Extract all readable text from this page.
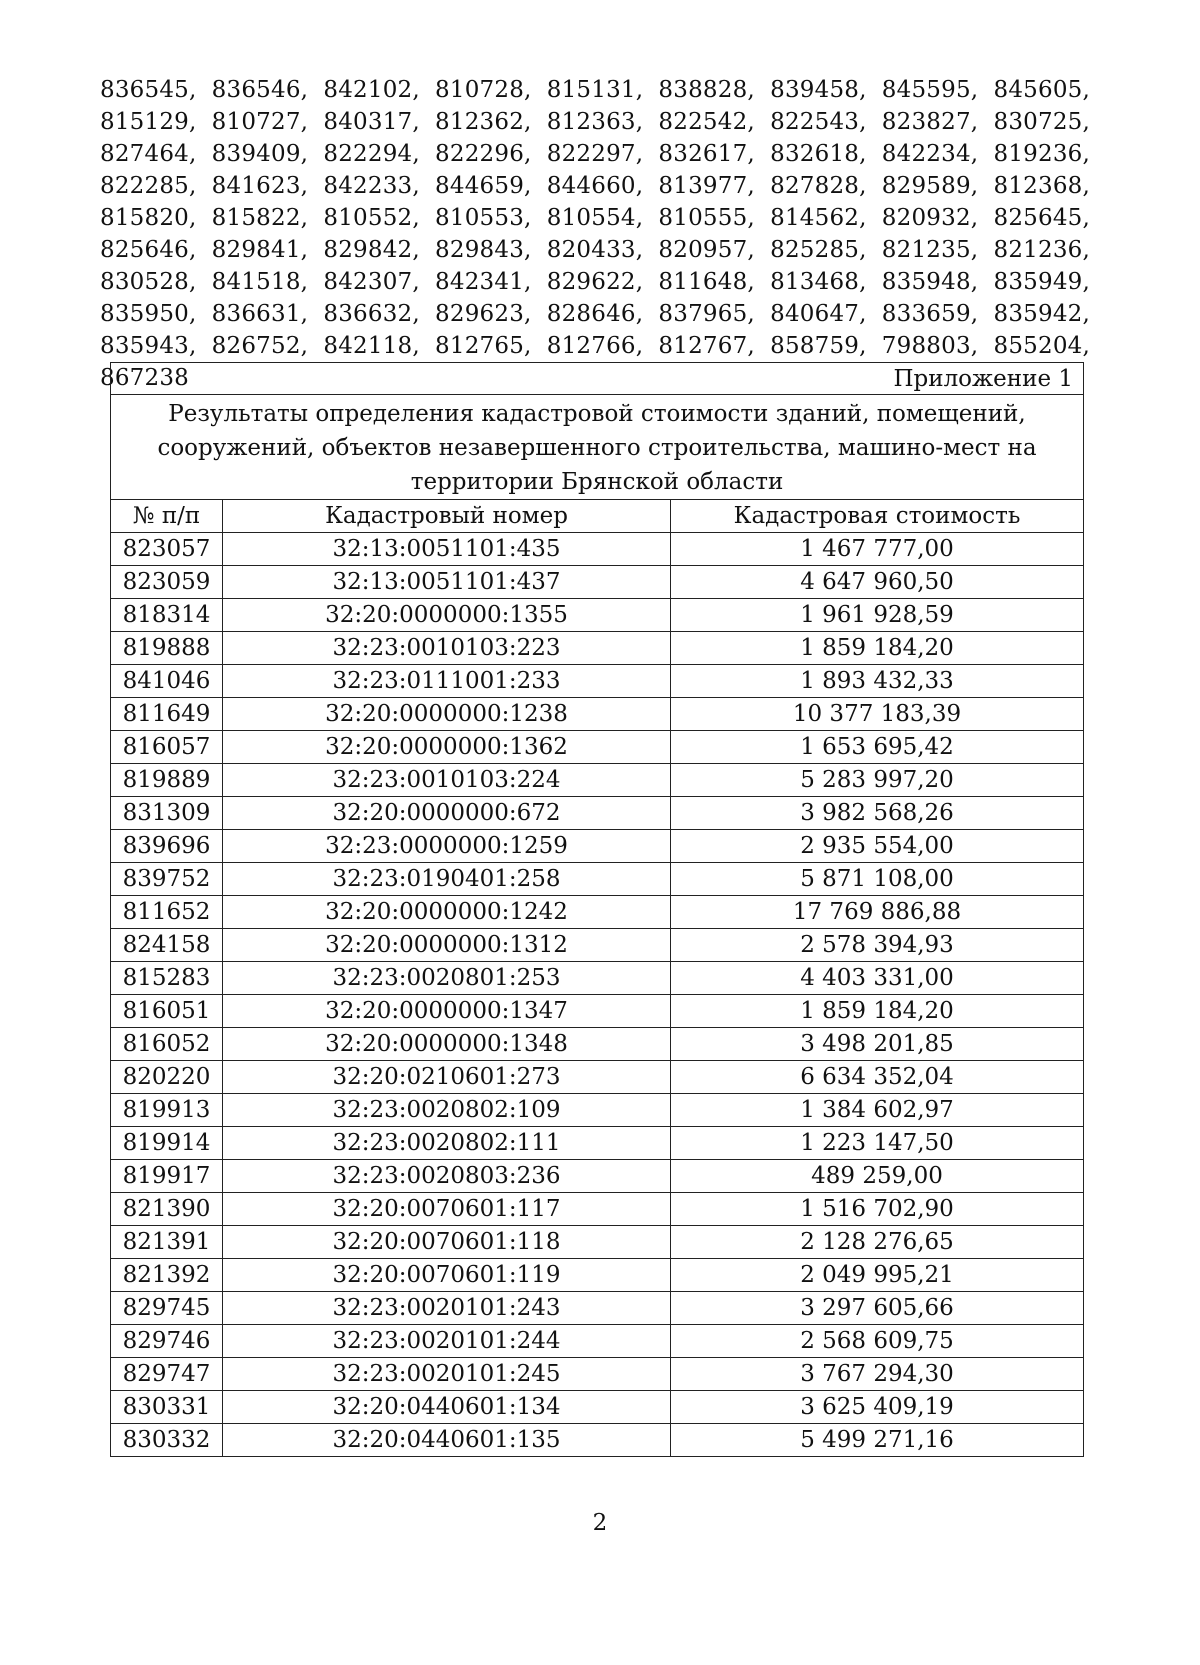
836545, 836546, 842102, 810728, 815131, 838828, 839458, 845595, 845605, 815129, 810727, 840317, 812362, 812363, 822542, 822543, 823827, 830725, 827464, 839409, 822294, 822296, 822297, 832617, 832618, 842234, 819236, 822285, 841623, 842233, 844659, 844660, 813977, 827828, 829589, 812368, 815820, 815822, 810552, 810553, 810554, 810555, 814562, 820932, 825645, 825646, 829841, 829842, 829843, 820433, 820957, 825285, 821235, 821236, 830528, 841518, 842307, 842341, 829622, 811648, 813468, 835948, 835949, 835950, 836631, 836632, 829623, 828646, 837965, 840647, 833659, 835942, 835943, 826752, 842118, 812765, 812766, 812767, 858759, 798803, 855204, 867238	Приложение 1		
Результаты определения кадастровой стоимости зданий, помещений, сооружений, объектов незавершенного строительства, машино-мест на территории Брянской области		
№ п/п	Кадастровый номер	Кадастровая стоимость
823057	32:13:0051101:435	1 467 777,00
823059	32:13:0051101:437	4 647 960,50
818314	32:20:0000000:1355	1 961 928,59
819888	32:23:0010103:223	1 859 184,20
841046	32:23:0111001:233	1 893 432,33
811649	32:20:0000000:1238	10 377 183,39
816057	32:20:0000000:1362	1 653 695,42
819889	32:23:0010103:224	5 283 997,20
831309	32:20:0000000:672	3 982 568,26
839696	32:23:0000000:1259	2 935 554,00
839752	32:23:0190401:258	5 871 108,00
811652	32:20:0000000:1242	17 769 886,88
824158	32:20:0000000:1312	2 578 394,93
815283	32:23:0020801:253	4 403 331,00
816051	32:20:0000000:1347	1 859 184,20
816052	32:20:0000000:1348	3 498 201,85
820220	32:20:0210601:273	6 634 352,04
819913	32:23:0020802:109	1 384 602,97
819914	32:23:0020802:111	1 223 147,50
819917	32:23:0020803:236	489 259,00
821390	32:20:0070601:117	1 516 702,90
821391	32:20:0070601:118	2 128 276,65
821392	32:20:0070601:119	2 049 995,21
829745	32:23:0020101:243	3 297 605,66
829746	32:23:0020101:244	2 568 609,75
829747	32:23:0020101:245	3 767 294,30
830331	32:20:0440601:134	3 625 409,19
830332	32:20:0440601:135	5 499 271,16

2
